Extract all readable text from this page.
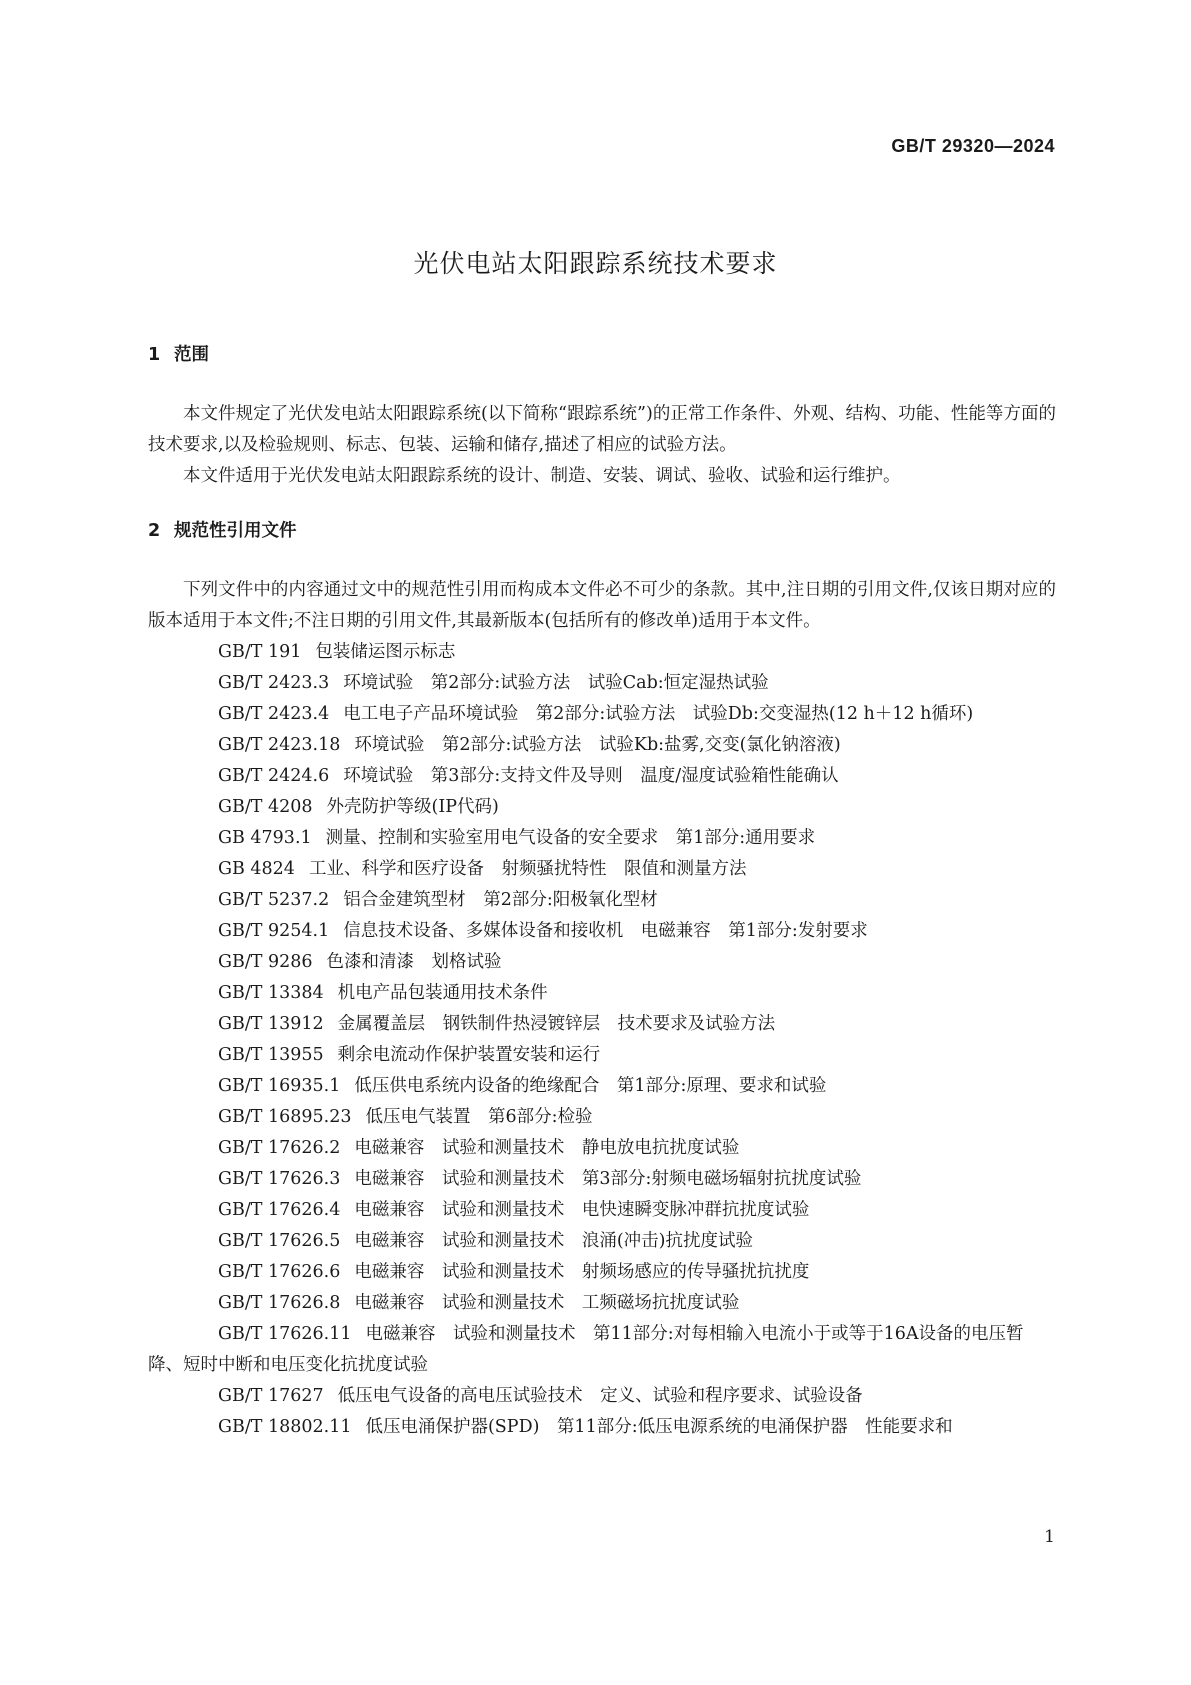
GB/T 29320—2024
光伏电站太阳跟踪系统技术要求
1 范围

本文件规定了光伏发电站太阳跟踪系统(以下简称“跟踪系统”)的正常工作条件、外观、结构、功能、性能等方面的技术要求,以及检验规则、标志、包装、运输和储存,描述了相应的试验方法。

本文件适用于光伏发电站太阳跟踪系统的设计、制造、安装、调试、验收、试验和运行维护。

2 规范性引用文件

下列文件中的内容通过文中的规范性引用而构成本文件必不可少的条款。其中,注日期的引用文件,仅该日期对应的版本适用于本文件;不注日期的引用文件,其最新版本(包括所有的修改单)适用于本文件。

GB/T 191 包装储运图示标志

GB/T 2423.3 环境试验　第2部分:试验方法　试验Cab:恒定湿热试验

GB/T 2423.4 电工电子产品环境试验　第2部分:试验方法　试验Db:交变湿热(12 h＋12 h循环)

GB/T 2423.18 环境试验　第2部分:试验方法　试验Kb:盐雾,交变(氯化钠溶液)

GB/T 2424.6 环境试验　第3部分:支持文件及导则　温度/湿度试验箱性能确认

GB/T 4208 外壳防护等级(IP代码)

GB 4793.1 测量、控制和实验室用电气设备的安全要求　第1部分:通用要求

GB 4824 工业、科学和医疗设备　射频骚扰特性　限值和测量方法

GB/T 5237.2 铝合金建筑型材　第2部分:阳极氧化型材

GB/T 9254.1 信息技术设备、多媒体设备和接收机　电磁兼容　第1部分:发射要求

GB/T 9286 色漆和清漆　划格试验

GB/T 13384 机电产品包装通用技术条件

GB/T 13912 金属覆盖层　钢铁制件热浸镀锌层　技术要求及试验方法

GB/T 13955 剩余电流动作保护装置安装和运行

GB/T 16935.1 低压供电系统内设备的绝缘配合　第1部分:原理、要求和试验

GB/T 16895.23 低压电气装置　第6部分:检验

GB/T 17626.2 电磁兼容　试验和测量技术　静电放电抗扰度试验

GB/T 17626.3 电磁兼容　试验和测量技术　第3部分:射频电磁场辐射抗扰度试验

GB/T 17626.4 电磁兼容　试验和测量技术　电快速瞬变脉冲群抗扰度试验

GB/T 17626.5 电磁兼容　试验和测量技术　浪涌(冲击)抗扰度试验

GB/T 17626.6 电磁兼容　试验和测量技术　射频场感应的传导骚扰抗扰度

GB/T 17626.8 电磁兼容　试验和测量技术　工频磁场抗扰度试验

GB/T 17626.11 电磁兼容　试验和测量技术　第11部分:对每相输入电流小于或等于16A设备的电压暂降、短时中断和电压变化抗扰度试验

GB/T 17627 低压电气设备的高电压试验技术　定义、试验和程序要求、试验设备

GB/T 18802.11 低压电涌保护器(SPD)　第11部分:低压电源系统的电涌保护器　性能要求和

1
